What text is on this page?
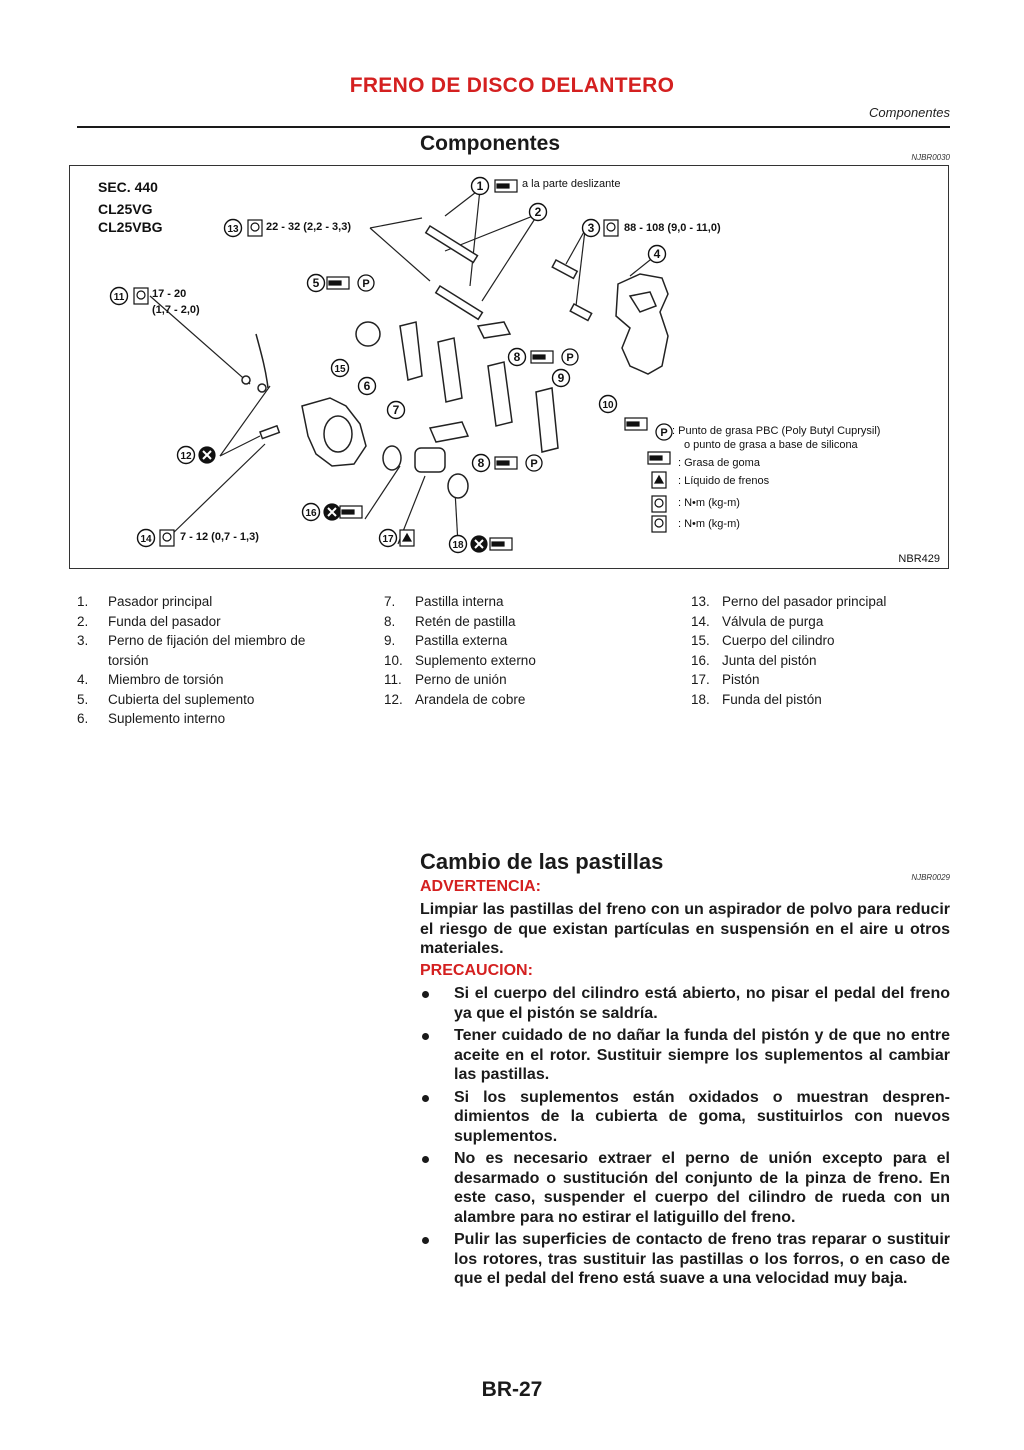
FRENO DE DISCO DELANTERO
Componentes
Componentes
NJBR0030
1
2
3
4
5
6
7
8
8
9
10
11
12
13
14
15
16
17
18
P
P
P
P
SEC. 440
CL25VG
CL25VBG
a la parte deslizante
22 - 32 (2,2 - 3,3)	88 - 108 (9,0 - 11,0)
17 - 20
(1,7 - 2,0)
7 - 12 (0,7 - 1,3)
: Punto de grasa PBC (Poly Butyl Cuprysil)
o punto de grasa a base de silicona
: Grasa de goma
: Líquido de frenos
: N•m (kg-m)
: N•m (kg-m)
NBR429
1. Pasador principal
2. Funda del pasador
3. Perno de fijación del miembro de torsión
4. Miembro de torsión
5. Cubierta del suplemento
6. Suplemento interno
7. Pastilla interna
8. Retén de pastilla
9. Pastilla externa
10. Suplemento externo
11. Perno de unión
12. Arandela de cobre
13. Perno del pasador principal
14. Válvula de purga
15. Cuerpo del cilindro
16. Junta del pistón
17. Pistón
18. Funda del pistón
Cambio de las pastillas
NJBR0029
ADVERTENCIA:
Limpiar las pastillas del freno con un aspirador de polvo para reducir el riesgo de que existan partículas en suspensión en el aire u otros materiales.
PRECAUCION:
Si el cuerpo del cilindro está abierto, no pisar el pedal del freno ya que el pistón se saldría.
Tener cuidado de no dañar la funda del pistón y de que no entre aceite en el rotor. Sustituir siempre los suplementos al cambiar las pastillas.
Si los suplementos están oxidados o muestran desprendimientos de la cubierta de goma, sustituirlos con nuevos suplementos.
No es necesario extraer el perno de unión excepto para el desarmado o sustitución del conjunto de la pinza de freno. En este caso, suspender el cuerpo del cilindro de rueda con un alambre para no estirar el latiguillo del freno.
Pulir las superficies de contacto de freno tras reparar o sustituir los rotores, tras sustituir las pastillas o los forros, o en caso de que el pedal del freno está suave a una velocidad muy baja.
BR-27
